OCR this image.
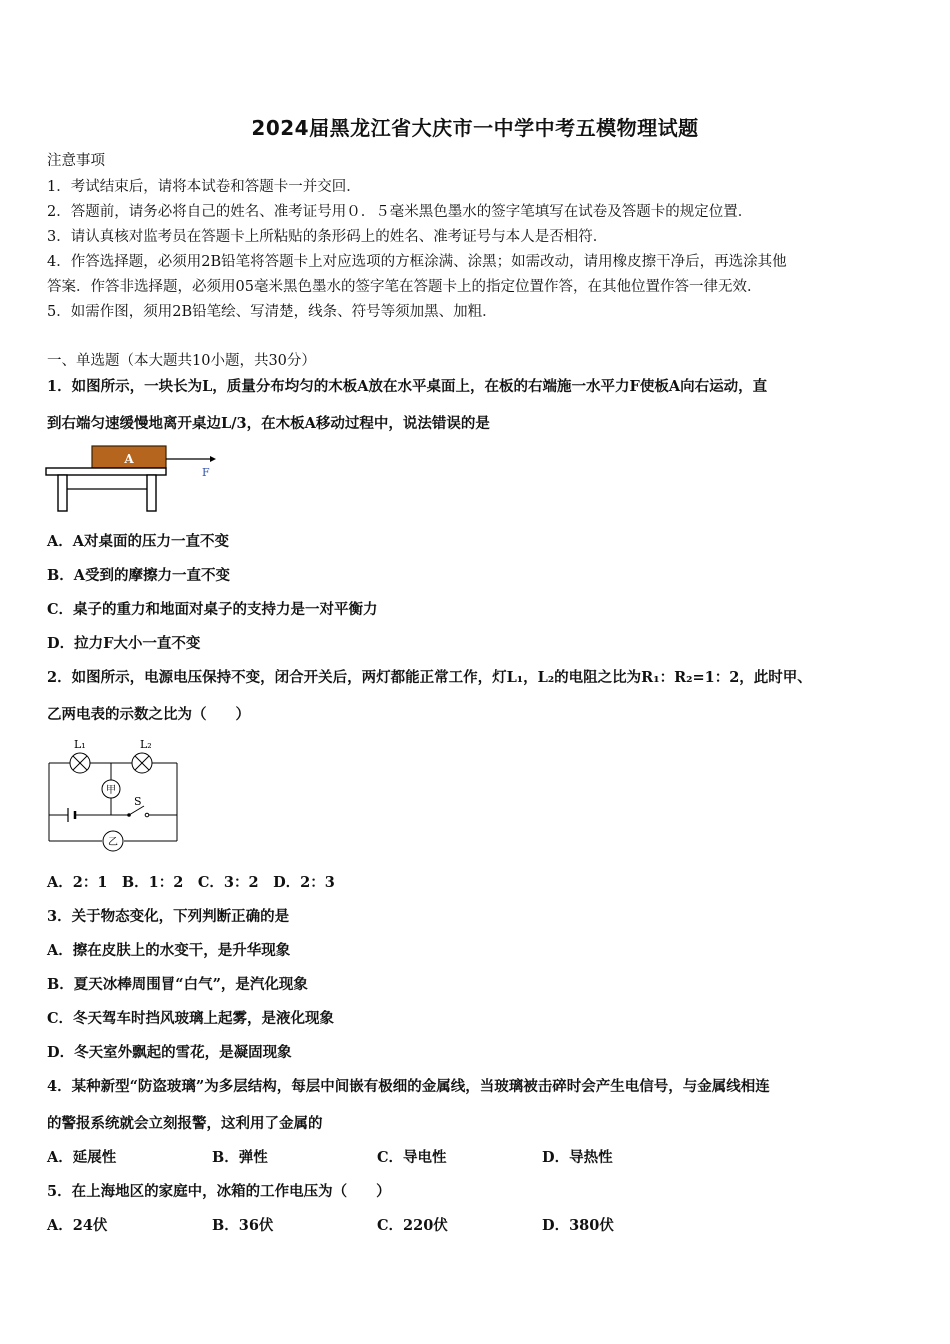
2024届黑龙江省大庆市一中学中考五模物理试题
注意事项
1．考试结束后，请将本试卷和答题卡一并交回．
2．答题前，请务必将自己的姓名、准考证号用０．５毫米黑色墨水的签字笔填写在试卷及答题卡的规定位置．
3．请认真核对监考员在答题卡上所粘贴的条形码上的姓名、准考证号与本人是否相符．
4．作答选择题，必须用2B铅笔将答题卡上对应选项的方框涂满、涂黑；如需改动，请用橡皮擦干净后，再选涂其他
答案．作答非选择题，必须用05毫米黑色墨水的签字笔在答题卡上的指定位置作答，在其他位置作答一律无效．
5．如需作图，须用2B铅笔绘、写清楚，线条、符号等须加黑、加粗．
一、单选题（本大题共10小题，共30分）
1．如图所示，一块长为L，质量分布均匀的木板A放在水平桌面上，在板的右端施一水平力F使板A向右运动，直
到右端匀速缓慢地离开桌边L/3，在木板A移动过程中，说法错误的是
A
F
A．A对桌面的压力一直不变
B．A受到的摩擦力一直不变
C．桌子的重力和地面对桌子的支持力是一对平衡力
D．拉力F大小一直不变
2．如图所示，电源电压保持不变，闭合开关后，两灯都能正常工作，灯L₁，L₂的电阻之比为R₁：R₂=1：2，此时甲、
乙两电表的示数之比为（　　）
L₁	L₂
甲
S
乙
A．2：1　B．1：2　C．3：2　D．2：3
3．关于物态变化，下列判断正确的是
A．擦在皮肤上的水变干，是升华现象
B．夏天冰棒周围冒“白气”，是汽化现象
C．冬天驾车时挡风玻璃上起雾，是液化现象
D．冬天室外飘起的雪花，是凝固现象
4．某种新型“防盗玻璃”为多层结构，每层中间嵌有极细的金属线，当玻璃被击碎时会产生电信号，与金属线相连
的警报系统就会立刻报警，这利用了金属的
A．延展性	B．弹性	C．导电性	D．导热性
5．在上海地区的家庭中，冰箱的工作电压为（　　）
A．24伏	B．36伏	C．220伏	D．380伏
